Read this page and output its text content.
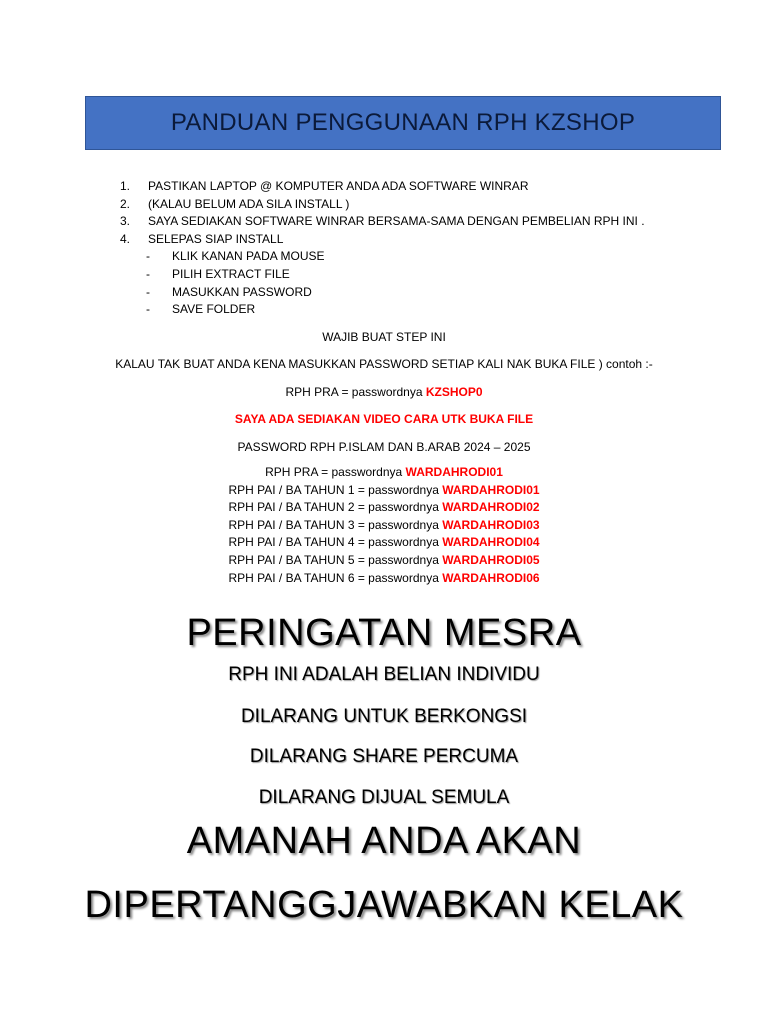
PANDUAN PENGGUNAAN RPH KZSHOP
1.	PASTIKAN LAPTOP @ KOMPUTER ANDA ADA SOFTWARE WINRAR
2.	(KALAU BELUM ADA SILA INSTALL )
3.	SAYA SEDIAKAN SOFTWARE WINRAR BERSAMA-SAMA DENGAN PEMBELIAN RPH INI .
4.	SELEPAS SIAP INSTALL
-	KLIK KANAN PADA MOUSE
-	PILIH EXTRACT FILE
-	MASUKKAN PASSWORD
-	SAVE FOLDER
WAJIB BUAT STEP INI
KALAU TAK BUAT ANDA KENA MASUKKAN PASSWORD SETIAP KALI NAK BUKA FILE ) contoh :-
RPH PRA = passwordnya KZSHOP0
SAYA ADA SEDIAKAN VIDEO CARA UTK BUKA FILE
PASSWORD RPH P.ISLAM DAN B.ARAB 2024 – 2025
RPH PRA = passwordnya WARDAHRODI01
RPH PAI / BA TAHUN 1 = passwordnya WARDAHRODI01
RPH PAI / BA TAHUN 2 = passwordnya WARDAHRODI02
RPH PAI / BA TAHUN 3 = passwordnya WARDAHRODI03
RPH PAI / BA TAHUN 4 = passwordnya WARDAHRODI04
RPH PAI / BA TAHUN 5 = passwordnya WARDAHRODI05
RPH PAI / BA TAHUN 6 = passwordnya WARDAHRODI06
PERINGATAN MESRA
RPH INI ADALAH BELIAN INDIVIDU
DILARANG UNTUK BERKONGSI
DILARANG SHARE PERCUMA
DILARANG DIJUAL SEMULA
AMANAH ANDA AKAN
DIPERTANGGJAWABKAN KELAK
